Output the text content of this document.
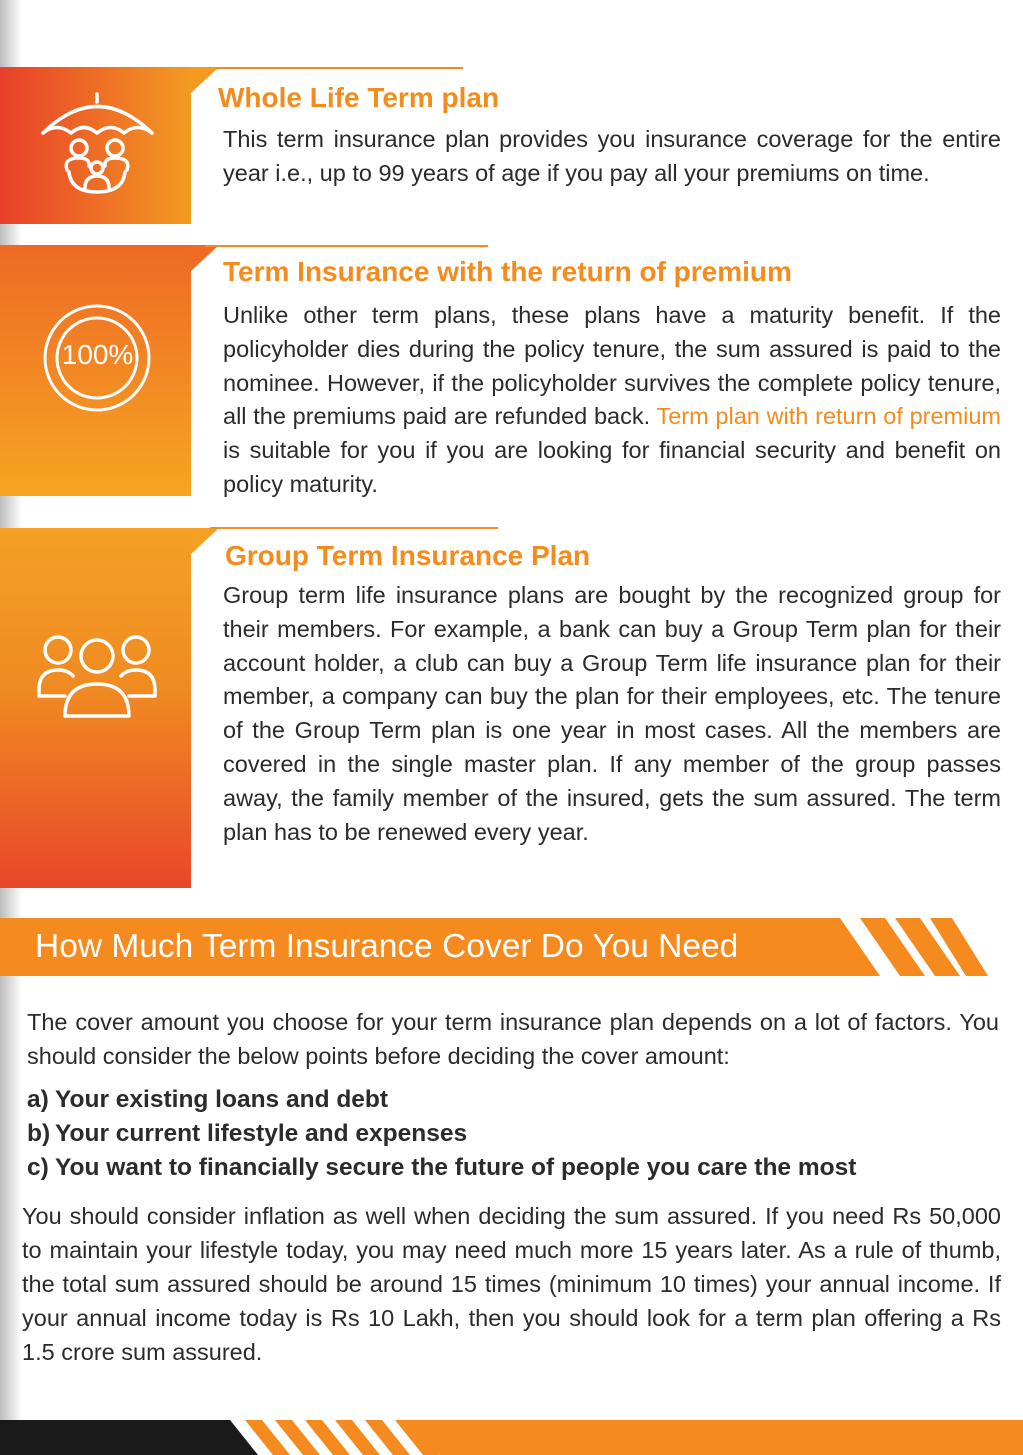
Whole Life Term plan

This term insurance plan provides you insurance coverage for the entire year i.e., up to 99 years of age if you pay all your premiums on time.

100%
Term Insurance with the return of premium

Unlike other term plans, these plans have a maturity benefit. If the policyholder dies during the policy tenure, the sum assured is paid to the nominee. However, if the policyholder survives the complete policy tenure, all the premiums paid are refunded back. Term plan with return of premium is suitable for you if you are looking for financial security and benefit on policy maturity.

Group Term Insurance Plan

Group term life insurance plans are bought by the recognized group for their members. For example, a bank can buy a Group Term plan for their account holder, a club can buy a Group Term life insurance plan for their member, a company can buy the plan for their employees, etc. The tenure of the Group Term plan is one year in most cases. All the members are covered in the single master plan. If any member of the group passes away, the family member of the insured, gets the sum assured. The term plan has to be renewed every year.

How Much Term Insurance Cover Do You Need

The cover amount you choose for your term insurance plan depends on a lot of factors. You should consider the below points before deciding the cover amount:

a) Your existing loans and debt
b) Your current lifestyle and expenses
c) You want to financially secure the future of people you care the most

You should consider inflation as well when deciding the sum assured. If you need Rs 50,000 to maintain your lifestyle today, you may need much more 15 years later. As a rule of thumb, the total sum assured should be around 15 times (minimum 10 times) your annual income. If your annual income today is Rs 10 Lakh, then you should look for a term plan offering a Rs 1.5 crore sum assured.
